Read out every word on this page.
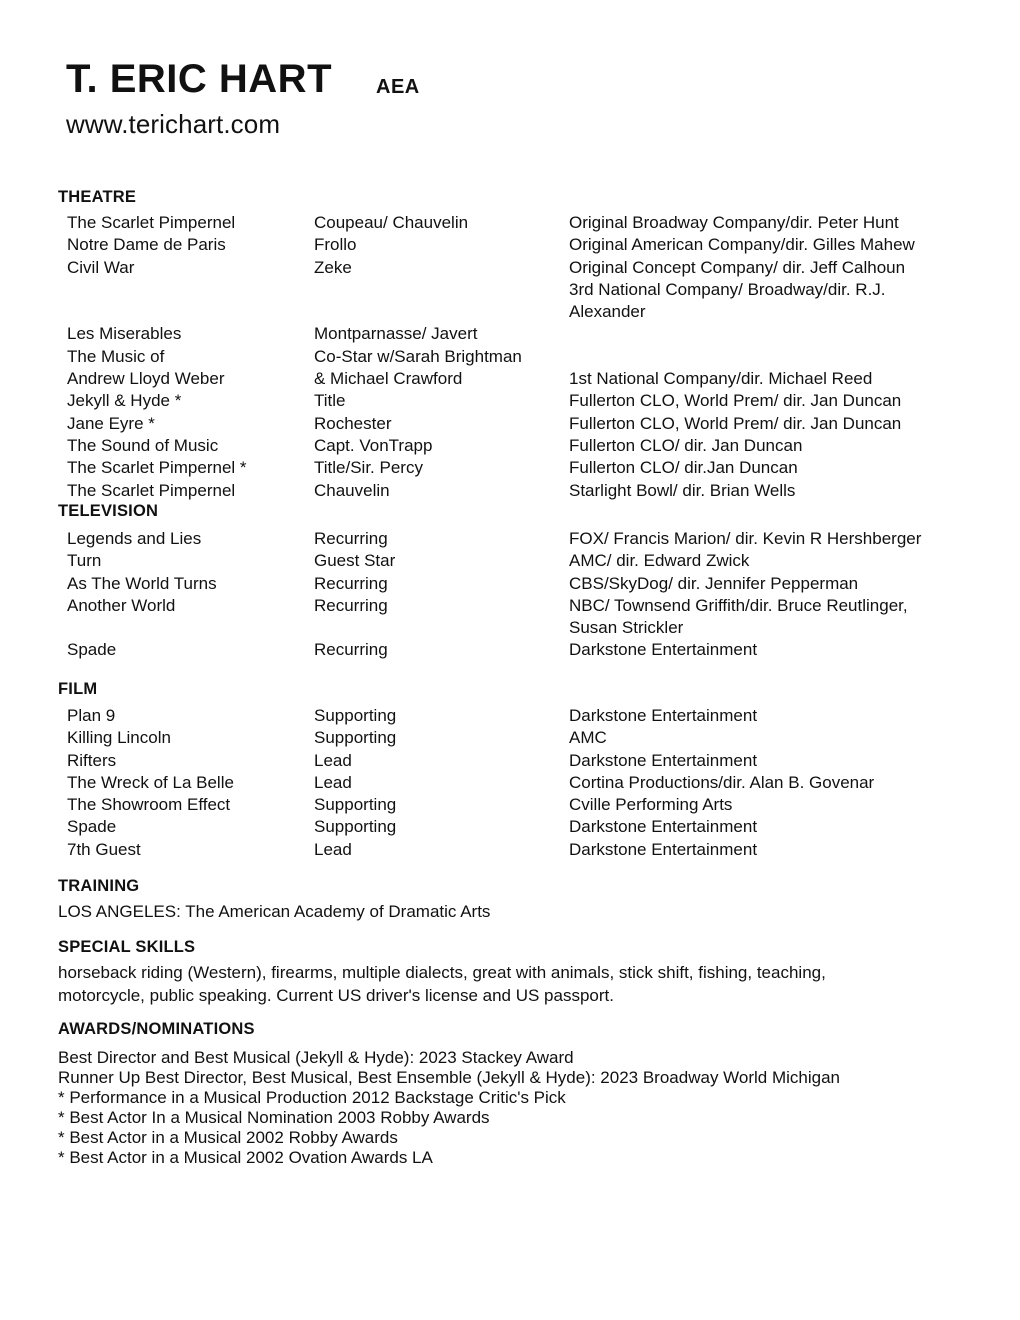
T. ERIC HART AEA
www.terichart.com
THEATRE
The Scarlet Pimpernel
Notre Dame de Paris
Civil War
Les Miserables
The Music of
Andrew Lloyd Weber
Jekyll & Hyde *
Jane Eyre *
The Sound of Music
The Scarlet Pimpernel *
The Scarlet Pimpernel
Coupeau/ Chauvelin
Frollo
Zeke
Montparnasse/ Javert
Co-Star w/Sarah Brightman
& Michael Crawford
Title
Rochester
Capt. VonTrapp
Title/Sir. Percy
Chauvelin
Original Broadway Company/dir. Peter Hunt
Original American Company/dir. Gilles Mahew
Original Concept Company/ dir. Jeff Calhoun
3rd National Company/ Broadway/dir. R.J.
Alexander
1st National Company/dir. Michael Reed
Fullerton CLO, World Prem/ dir. Jan Duncan
Fullerton CLO, World Prem/ dir. Jan Duncan
Fullerton CLO/ dir. Jan Duncan
Fullerton CLO/ dir.Jan Duncan
Starlight Bowl/ dir. Brian Wells
TELEVISION
Legends and Lies
Turn
As The World Turns
Another World
Spade
Recurring
Guest Star
Recurring
Recurring
Recurring
FOX/ Francis Marion/ dir. Kevin R Hershberger
AMC/ dir. Edward Zwick
CBS/SkyDog/ dir. Jennifer Pepperman
NBC/ Townsend Griffith/dir. Bruce Reutlinger,
Susan Strickler
Darkstone Entertainment
FILM
Plan 9
Killing Lincoln
Rifters
The Wreck of La Belle
The Showroom Effect
Spade
7th Guest
Supporting
Supporting
Lead
Lead
Supporting
Supporting
Lead
Darkstone Entertainment
AMC
Darkstone Entertainment
Cortina Productions/dir. Alan B. Govenar
Cville Performing Arts
Darkstone Entertainment
Darkstone Entertainment
TRAINING
LOS ANGELES: The American Academy of Dramatic Arts
SPECIAL SKILLS
horseback riding (Western), firearms, multiple dialects, great with animals, stick shift, fishing, teaching,
motorcycle, public speaking. Current US driver's license and US passport.
AWARDS/NOMINATIONS
Best Director and Best Musical (Jekyll & Hyde): 2023 Stackey Award
Runner Up Best Director, Best Musical, Best Ensemble (Jekyll & Hyde): 2023 Broadway World Michigan
* Performance in a Musical Production 2012 Backstage Critic's Pick
* Best Actor In a Musical Nomination 2003 Robby Awards
* Best Actor in a Musical 2002 Robby Awards
* Best Actor in a Musical 2002 Ovation Awards LA
